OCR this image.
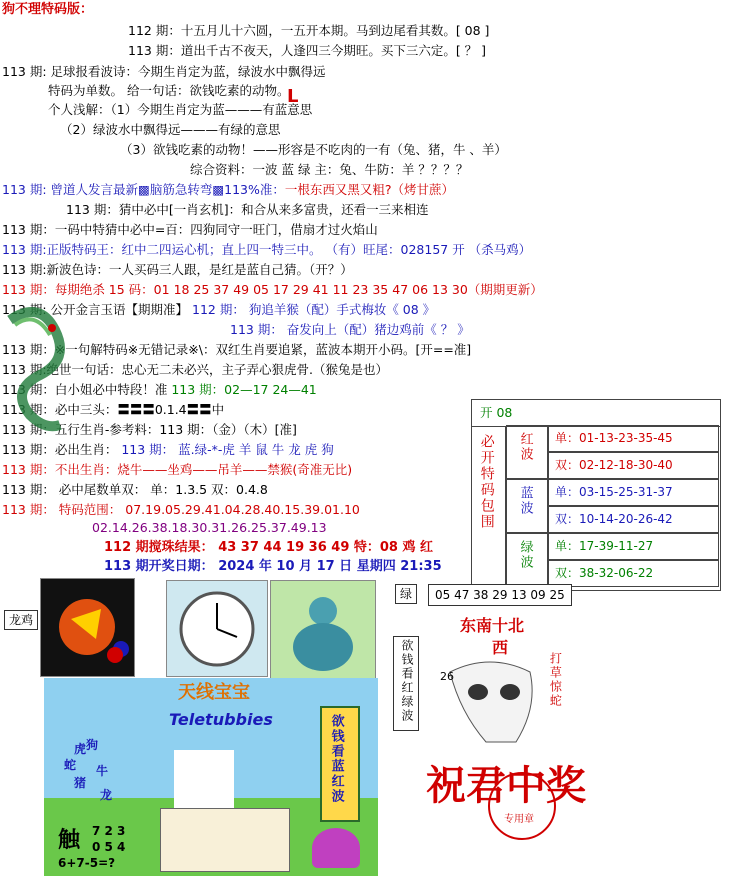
狗不理特码版：
112 期：十五月儿十六圆，一五开本期。马到边尾看其数。[ 08 ]
113 期：道出千古不夜天，人逢四三今期旺。买下三六定。[ ？ ]
113 期: 足球报看波诗：今期生肖定为蓝，绿波水中飘得远
特码为单数。 给一句话：欲钱吃素的动物。
个人浅解：（1）今期生肖定为蓝———有蓝意思
L
（2）绿波水中飘得远———有绿的意思
（3）欲钱吃素的动物！——形容是不吃肉的一有（兔、猪，牛 、羊）
综合资料：一波 蓝 绿 主：兔、牛防：羊 ？？？？
113 期: 曾道人发言最新▩脑筋急转弯▩113%准：一根东西又黑又粗?（烤甘蔗）
113 期：猜中必中[一肖玄机]：和合从来多富贵，还看一三来相连
113 期：一码中特猜中必中=百：四狗同守一旺门，借扇才过火焰山
113 期:正版特码王：红中二四运心机；直上四一特三中。 （有）旺尾：028157 开 （杀马鸡）
113 期:新波色诗：一人买码三人跟，是红是蓝自己猜。（开？）
113 期：每期绝杀 15 码：01 18 25 37 49 05 17 29 41 11 23 35 47 06 13 30（期期更新）
113 期: 公开金言玉语【期期准】 112 期： 狗追羊猴（配）手式梅妆《 08 》
113 期： 奋发向上（配）猪边鸡前《 ？ 》
113 期：※一句解特码※无错记录※\：双红生肖要追紧，蓝波本期开小码。[开==准]
113 期:绝世一句话：忠心无二未必兴，主子弄心狠虎骨.（猴兔是也）
113 期：白小姐必中特段！准 113 期：02—17 24—41
113 期：必中三头：〓〓〓0.1.4〓〓中
113 期：五行生肖-参考料：113 期：（金）（木）[准]
113 期：必出生肖： 113 期： 蓝.绿-*-虎 羊 鼠 牛 龙 虎 狗
113 期：不出生肖：烧牛——坐鸡——吊羊——禁猴(奇准无比)
113 期： 必中尾数单双： 单：1.3.5 双：0.4.8
113 期： 特码范围： 07.19.05.29.41.04.28.40.15.39.01.10
02.14.26.38.18.30.31.26.25.37.49.13
112 期搅珠结果： 43 37 44 19 36 49 特：08 鸡 红
113 期开奖日期： 2024 年 10 月 17 日 星期四 21:35
开 08
必开特码包围 红波	单：01-13-23-35-45
双：02-12-18-30-40
蓝波	单：03-15-25-31-37
双：10-14-20-26-42
绿波	单：17-39-11-27
双：38-32-06-22
龙鸡
绿	05 47 38 29 13 09 25
欲钱看红绿波
天线宝宝
Teletubbies
虎 狗
蛇
猪
牛
龙	欲钱看蓝红波
触 7 2 3
0 5 4
6+7-5=?
东南十北
西
26	打草惊蛇
祝君中奖
专用章
